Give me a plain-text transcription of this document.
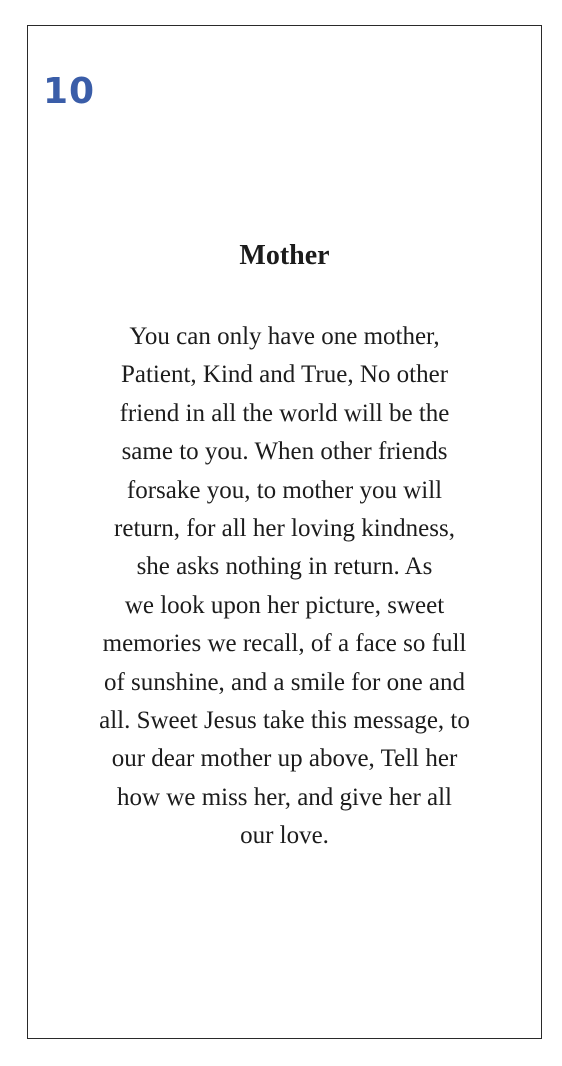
10
Mother
You can only have one mother,
Patient, Kind and True, No other
friend in all the world will be the
same to you. When other friends
forsake you, to mother you will
return, for all her loving kindness,
she asks nothing in return. As
we look upon her picture, sweet
memories we recall, of a face so full
of sunshine, and a smile for one and
all. Sweet Jesus take this message, to
our dear mother up above, Tell her
how we miss her, and give her all
our love.
